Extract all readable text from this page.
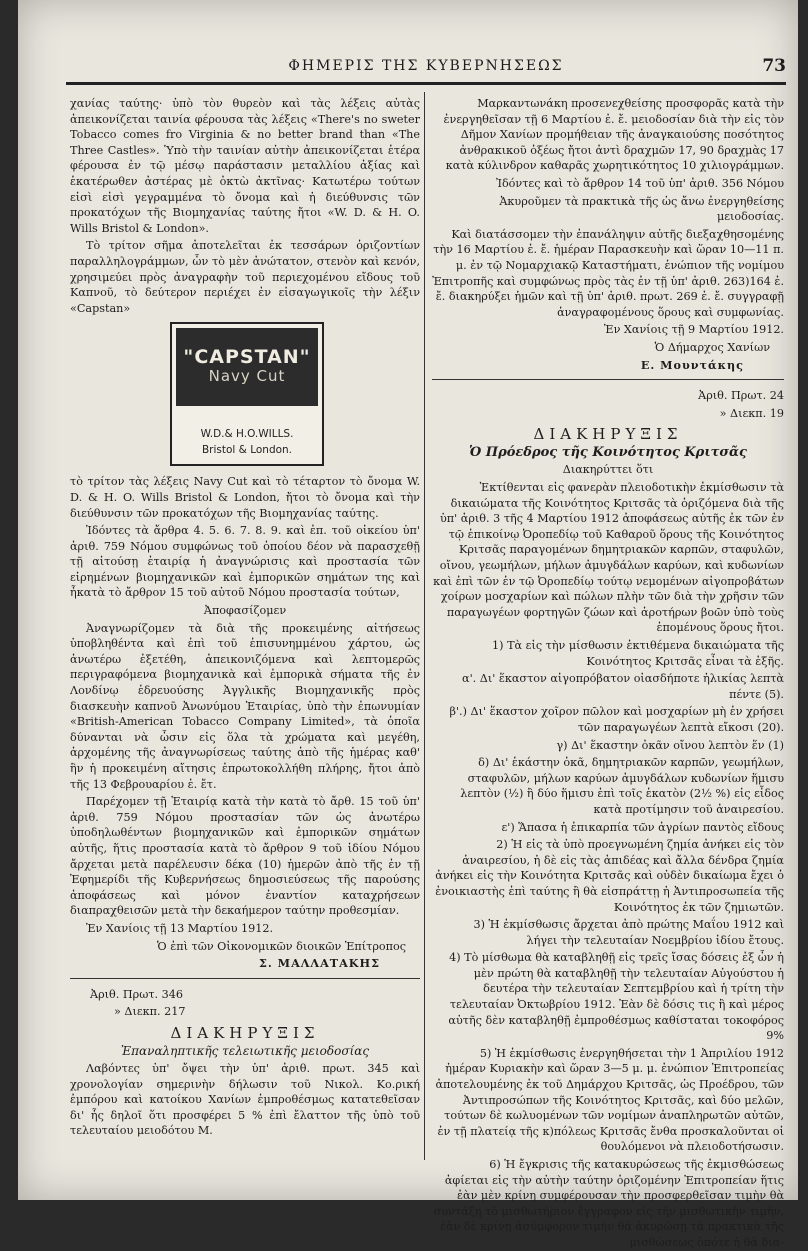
ΦΗΜΕΡΙΣ ΤΗΣ ΚΥΒΕΡΝΗΣΕΩΣ	73

χανίας ταύτης· ὑπὸ τὸν θυρεὸν καὶ τὰς λέξεις αὐτὰς ἀπεικονίζεται ταινία φέρουσα τὰς λέξεις «There's no sweter Tobacco comes fro Virginia & no better brand than «The Three Castles». Ὑπὸ τὴν ταινίαν αὐτὴν ἀπεικονίζεται ἑτέρα φέρουσα ἐν τῷ μέσῳ παράστασιν μεταλλίου ἀξίας καὶ ἑκατέρωθεν ἀστέρας μὲ ὀκτὼ ἀκτῖνας· Κατωτέρω τούτων εἰσὶ εἰσὶ γεγραμμένα τὸ ὄνομα καὶ ἡ διεύθυνσις τῶν προκατόχων τῆς Βιομηχανίας ταύτης ἤτοι «W. D. & H. O. Wills Bristol & London».

Τὸ τρίτον σῆμα ἀποτελεῖται ἐκ τεσσάρων ὁριζοντίων παραλληλογράμμων, ὧν τὸ μὲν ἀνώτατον, στενὸν καὶ κενόν, χρησιμεύει πρὸς ἀναγραφὴν τοῦ περιεχομένου εἴδους τοῦ Καπνοῦ, τὸ δεύτερον περιέχει ἐν εἰσαγωγικοῖς τὴν λέξιν «Capstan»

"CAPSTAN"
Navy Cut
W.D.& H.O.WILLS.
Bristol & London.

τὸ τρίτον τὰς λέξεις Navy Cut καὶ τὸ τέταρτον τὸ ὄνομα W. D. & H. O. Wills Bristol & London, ἤτοι τὸ ὄνομα καὶ τὴν διεύθυνσιν τῶν προκατόχων τῆς Βιομηχανίας ταύτης.

Ἰδόντες τὰ ἄρθρα 4. 5. 6. 7. 8. 9. καὶ ἐπ. τοῦ οἰκείου ὑπ' ἀριθ. 759 Νόμου συμφώνως τοῦ ὁποίου δέον νὰ παρασχεθῇ τῇ αἰτούσῃ ἑταιρίᾳ ἡ ἀναγνώρισις καὶ προστασία τῶν εἰρημένων βιομηχανικῶν καὶ ἐμπορικῶν σημάτων της καὶ ἧκατὰ τὸ ἄρθρον 15 τοῦ αὐτοῦ Νόμου προστασία τούτων,

Ἀποφασίζομεν

Ἀναγνωρίζομεν τὰ διὰ τῆς προκειμένης αἰτήσεως ὑποβληθέντα καὶ ἐπὶ τοῦ ἐπισυνημμένου χάρτου, ὡς ἀνωτέρω ἐξετέθη, ἀπεικονιζόμενα καὶ λεπτομερῶς περιγραφόμενα βιομηχανικὰ καὶ ἐμπορικὰ σήματα τῆς ἐν Λονδίνῳ ἑδρευούσης Ἀγγλικῆς Βιομηχανικῆς πρὸς διασκευὴν καπνοῦ Ἀνωνύμου Ἑταιρίας, ὑπὸ τὴν ἐπωνυμίαν «British-American Tobacco Company Limited», τὰ ὁποῖα δύνανται νὰ ὦσιν εἰς ὅλα τὰ χρώματα καὶ μεγέθη, ἀρχομένης τῆς ἀναγνωρίσεως ταύτης ἀπὸ τῆς ἡμέρας καθ' ἣν ἡ προκειμένη αἴτησις ἐπρωτοκολλήθη πλήρης, ἤτοι ἀπὸ τῆς 13 Φεβρουαρίου ἐ. ἔτ.

Παρέχομεν τῇ Ἑταιρίᾳ κατὰ τὴν κατὰ τὸ ἄρθ. 15 τοῦ ὑπ' ἀριθ. 759 Νόμου προστασίαν τῶν ὡς ἀνωτέρω ὑποδηλωθέντων βιομηχανικῶν καὶ ἐμπορικῶν σημάτων αὐτῆς, ἥτις προστασία κατὰ τὸ ἄρθρον 9 τοῦ ἰδίου Νόμου ἄρχεται μετὰ παρέλευσιν δέκα (10) ἡμερῶν ἀπὸ τῆς ἐν τῇ Ἐφημερίδι τῆς Κυβερνήσεως δημοσιεύσεως τῆς παρούσης ἀποφάσεως καὶ μόνον ἐναντίον καταχρήσεων διαπραχθεισῶν μετὰ τὴν δεκαήμερον ταύτην προθεσμίαν.

Ἐν Χανίοις τῇ 13 Μαρτίου 1912.

Ὁ ἐπὶ τῶν Οἰκονομικῶν διοικῶν Ἐπίτροπος

Σ. ΜΑΛΛΑΤΑΚΗΣ

Ἀριθ. Πρωτ. 346

» Διεκπ. 217

ΔΙΑΚΗΡΥΞΙΣ

Ἐπαναληπτικῆς τελειωτικῆς μειοδοσίας

Λαβόντες ὑπ' ὄψει τὴν ὑπ' ἀριθ. πρωτ. 345 καὶ χρονολογίαν σημερινὴν δήλωσιν τοῦ Νικολ. Κο.ρική ἐμπόρου καὶ κατοίκου Χανίων ἐμπροθέσμως κατατεθεῖσαν δι' ἧς δηλοῖ ὅτι προσφέρει 5 % ἐπὶ ἔλαττον τῆς ὑπὸ τοῦ τελευταίου μειοδότου Μ.

Μαρκαντωνάκη προσενεχθείσης προσφορᾶς κατὰ τὴν ἐνεργηθεῖσαν τῇ 6 Μαρτίου ἐ. ἔ. μειοδοσίαν διὰ τὴν εἰς τὸν Δῆμον Χανίων προμήθειαν τῆς ἀναγκαιούσης ποσότητος ἀνθρακικοῦ ὀξέως ἤτοι ἀντὶ δραχμῶν 17, 90 δραχμὰς 17 κατὰ κύλινδρον καθαρᾶς χωρητικότητος 10 χιλιογράμμων.

Ἰδόντες καὶ τὸ ἄρθρον 14 τοῦ ὑπ' ἀριθ. 356 Νόμου

Ἀκυροῦμεν τὰ πρακτικὰ τῆς ὡς ἄνω ἐνεργηθείσης μειοδοσίας.

Καὶ διατάσσομεν τὴν ἐπανάληψιν αὐτῆς διεξαχθησομένης τὴν 16 Μαρτίου ἐ. ἔ. ἡμέραν Παρασκευὴν καὶ ὥραν 10—11 π. μ. ἐν τῷ Νομαρχιακῷ Καταστήματι, ἐνώπιον τῆς νομίμου Ἐπιτροπῆς καὶ συμφώνως πρὸς τὰς ἐν τῇ ὑπ' ἀριθ. 263)164 ἐ. ἔ. διακηρύξει ἡμῶν καὶ τῇ ὑπ' ἀριθ. πρωτ. 269 ἐ. ἔ. συγγραφῇ ἀναγραφομένους ὅρους καὶ συμφωνίας.

Ἐν Χανίοις τῇ 9 Μαρτίου 1912.

Ὁ Δήμαρχος Χανίων

Ε. Μουντάκης

Ἀριθ. Πρωτ. 24

» Διεκπ. 19

ΔΙΑΚΗΡΥΞΙΣ

Ὁ Πρόεδρος τῆς Κοινότητος Κριτσᾶς

Διακηρύττει ὅτι

Ἐκτίθενται εἰς φανερὰν πλειοδοτικὴν ἐκμίσθωσιν τὰ δικαιώματα τῆς Κοινότητος Κριτσᾶς τὰ ὁριζόμενα διὰ τῆς ὑπ' ἀριθ. 3 τῆς 4 Μαρτίου 1912 ἀποφάσεως αὐτῆς ἐκ τῶν ἐν τῷ ἐπικοίνῳ Ὀροπεδίῳ τοῦ Καθαροῦ ὅρους τῆς Κοινότητος Κριτσᾶς παραγομένων δημητριακῶν καρπῶν, σταφυλῶν, οἴνου, γεωμήλων, μήλων ἀμυγδάλων καρύων, καὶ κυδωνίων καὶ ἐπὶ τῶν ἐν τῷ Ὀροπεδίῳ τούτῳ νεμομένων αἰγοπροβάτων χοίρων μοσχαρίων καὶ πώλων πλὴν τῶν διὰ τὴν χρῆσιν τῶν παραγωγέων φορτηγῶν ζώων καὶ ἀροτήρων βοῶν ὑπὸ τοὺς ἑπομένους ὅρους ἤτοι.

1) Τὰ εἰς τὴν μίσθωσιν ἐκτιθέμενα δικαιώματα τῆς Κοινότητος Κριτσᾶς εἶναι τὰ ἑξῆς.

α'. Δι' ἕκαστον αἰγοπρόβατον οἱασδήποτε ἡλικίας λεπτὰ πέντε (5).

β'.) Δι' ἕκαστον χοῖρον πῶλον καὶ μοσχαρίων μὴ ἐν χρήσει τῶν παραγωγέων λεπτὰ εἴκοσι (20).

γ) Δι' ἕκαστην ὀκᾶν οἴνου λεπτὸν ἕν (1)

δ) Δι' ἑκάστην ὀκᾶ, δημητριακῶν καρπῶν, γεωμήλων, σταφυλῶν, μήλων καρύων ἀμυγδάλων κυδωνίων ἥμισυ λεπτὸν (½) ἢ δύο ἥμισυ ἐπὶ τοῖς ἑκατὸν (2½ %) εἰς εἶδος κατὰ προτίμησιν τοῦ ἀναιρεσίου.

ε') Ἅπασα ἡ ἐπικαρπία τῶν ἀγρίων παντὸς εἴδους

2) Ἡ εἰς τὰ ὑπὸ προεγνωμένη ζημία ἀνήκει εἰς τὸν ἀναιρεσίου, ἡ δὲ εἰς τὰς ἀπιδέας καὶ ἄλλα δένδρα ζημία ἀνήκει εἰς τὴν Κοινότητα Κριτσᾶς καὶ οὐδὲν δικαίωμα ἔχει ὁ ἐνοικιαστὴς ἐπὶ ταύτης ἢ θὰ εἰσπράττῃ ἡ Ἀντιπροσωπεία τῆς Κοινότητος ἐκ τῶν ζημιωτῶν.

3) Ἡ ἐκμίσθωσις ἄρχεται ἀπὸ πρώτης Μαΐου 1912 καὶ λήγει τὴν τελευταίαν Νοεμβρίου ἰδίου ἔτους.

4) Τὸ μίσθωμα θὰ καταβληθῇ εἰς τρεῖς ἴσας δόσεις ἐξ ὧν ἡ μὲν πρώτη θὰ καταβληθῇ τὴν τελευταίαν Αὐγούστου ἡ δευτέρα τὴν τελευταίαν Σεπτεμβρίου καὶ ἡ τρίτη τὴν τελευταίαν Ὀκτωβρίου 1912. Ἐὰν δὲ δόσις τις ἢ καὶ μέρος αὐτῆς δὲν καταβληθῇ ἐμπροθέσμως καθίσταται τοκοφόρος 9%

5) Ἡ ἐκμίσθωσις ἐνεργηθήσεται τὴν 1 Ἀπριλίου 1912 ἡμέραν Κυριακὴν καὶ ὥραν 3—5 μ. μ. ἐνώπιον Ἐπιτροπείας ἀποτελουμένης ἐκ τοῦ Δημάρχου Κριτσᾶς, ὡς Προέδρου, τῶν Ἀντιπροσώπων τῆς Κοινότητος Κριτσᾶς, καὶ δύο μελῶν, τούτων δὲ κωλυομένων τῶν νομίμων ἀναπληρωτῶν αὐτῶν, ἐν τῇ πλατείᾳ τῆς κ)πόλεως Κριτσᾶς ἔνθα προσκαλοῦνται οἱ θουλόμενοι νὰ πλειοδοτήσωσιν.

6) Ἡ ἔγκρισις τῆς κατακυρώσεως τῆς ἐκμισθώσεως ἀφίεται εἰς τὴν αὐτὴν ταύτην ὁριζομένην Ἐπιτροπείαν ἥτις ἐὰν μὲν κρίνῃ συμφέρουσαν τὴν προσφερθεῖσαν τιμὴν θὰ συντάξῃ τὸ μισθωτήριον ἔγγραφον εἰς τὴν μισθωτικὴν τιμὴν, ἐὰν δὲ κρίνῃ ἀσύμφορον τιμὴν θὰ ἀκυρώσῃ τὰ πρακτικὰ τῆς μισθώσεως ὁπότε ἡ θὰ δια-
